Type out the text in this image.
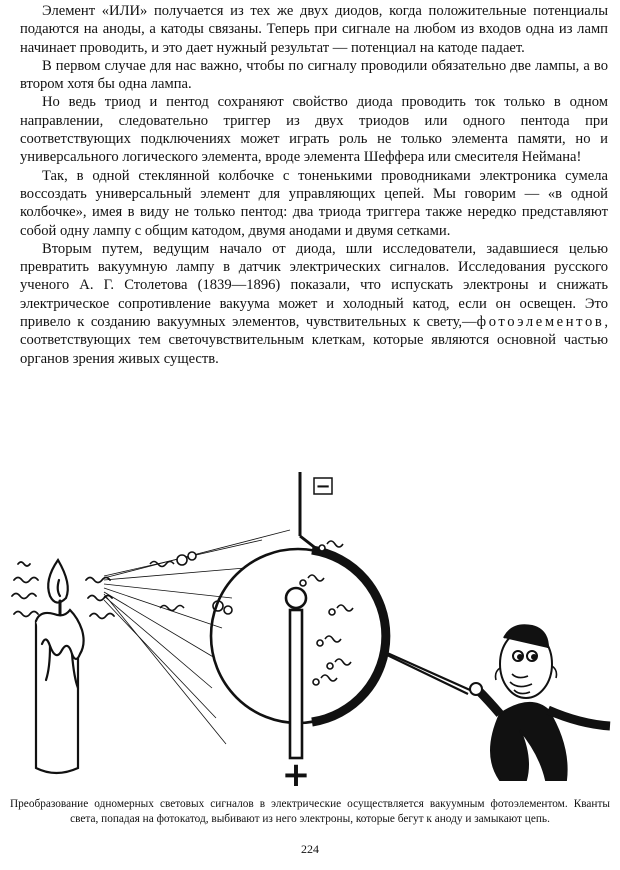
Элемент «ИЛИ» получается из тех же двух диодов, когда положительные потенциалы подаются на аноды, а катоды связаны. Теперь при сигнале на любом из входов одна из ламп начинает проводить, и это дает нужный результат — потенциал на катоде падает.

В первом случае для нас важно, чтобы по сигналу проводили обязательно две лампы, а во втором хотя бы одна лампа.

Но ведь триод и пентод сохраняют свойство диода проводить ток только в одном направлении, следовательно триггер из двух триодов или одного пентода при соответствующих подключениях может играть роль не только элемента памяти, но и универсального логического элемента, вроде элемента Шеффера или смесителя Неймана!

Так, в одной стеклянной колбочке с тоненькими проводниками электроника сумела воссоздать универсальный элемент для управляющих цепей. Мы говорим — «в одной колбочке», имея в виду не только пентод: два триода триггера также нередко представляют собой одну лампу с общим катодом, двумя анодами и двумя сетками.

Вторым путем, ведущим начало от диода, шли исследователи, задавшиеся целью превратить вакуумную лампу в датчик электрических сигналов. Исследования русского ученого А. Г. Столетова (1839—1896) показали, что испускать электроны и снижать электрическое сопротивление вакуума может и холодный катод, если он освещен. Это привело к созданию вакуумных элементов, чувствительных к свету,—фотоэлементов, соответствующих тем светочувствительным клеткам, которые являются основной частью органов зрения живых существ.

−
+

Преобразование одномерных световых сигналов в электрические осуществляется вакуумным фотоэлементом. Кванты света, попадая на фотокатод, выбивают из него электроны, которые бегут к аноду и замыкают цепь.

224
